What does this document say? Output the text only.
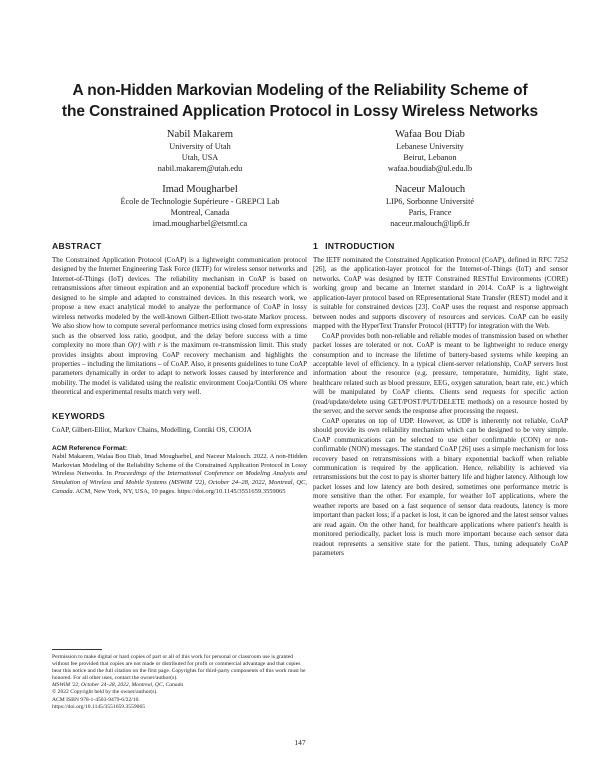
A non-Hidden Markovian Modeling of the Reliability Scheme of
the Constrained Application Protocol in Lossy Wireless Networks
Nabil Makarem
University of Utah
Utah, USA
nabil.makarem@utah.edu
Wafaa Bou Diab
Lebanese University
Beirut, Lebanon
wafaa.boudiab@ul.edu.lb
Imad Mougharbel
École de Technologie Supérieure - GREPCI Lab
Montreal, Canada
imad.mougharbel@etsmtl.ca
Naceur Malouch
LIP6, Sorbonne Université
Paris, France
naceur.malouch@lip6.fr
ABSTRACT

The Constrained Application Protocol (CoAP) is a lightweight communication protocol designed by the Internet Engineering Task Force (IETF) for wireless sensor networks and Internet-of-Things (IoT) devices. The reliability mechanism in CoAP is based on retransmissions after timeout expiration and an exponential backoff procedure which is designed to be simple and adapted to constrained devices. In this research work, we propose a new exact analytical model to analyze the performance of CoAP in lossy wireless networks modeled by the well-known Gilbert-Elliott two-state Markov process. We also show how to compute several performance metrics using closed form expressions such as the observed loss ratio, goodput, and the delay before success with a time complexity no more than O(r) with r is the maximum re-transmission limit. This study provides insights about improving CoAP recovery mechanism and highlights the properties – including the limitations – of CoAP. Also, it presents guidelines to tune CoAP parameters dynamically in order to adapt to network losses caused by interference and mobility. The model is validated using the realistic environment Cooja/Contiki OS where theoretical and experimental results match very well.

KEYWORDS

CoAP, Gilbert-Elliot, Markov Chains, Modelling, Contiki OS, COOJA

ACM Reference Format:

Nabil Makarem, Wafaa Bou Diab, Imad Mougharbel, and Naceur Malouch. 2022. A non-Hidden Markovian Modeling of the Reliability Scheme of the Constrained Application Protocol in Lossy Wireless Networks. In Proceedings of the International Conference on Modeling Analysis and Simulation of Wireless and Mobile Systems (MSWiM '22), October 24–28, 2022, Montreal, QC, Canada. ACM, New York, NY, USA, 10 pages. https://doi.org/10.1145/3551659.3559065

Permission to make digital or hard copies of part or all of this work for personal or classroom use is granted without fee provided that copies are not made or distributed for profit or commercial advantage and that copies bear this notice and the full citation on the first page. Copyrights for third-party components of this work must be honored. For all other uses, contact the owner/author(s).
MSWiM '22, October 24–28, 2022, Montreal, QC, Canada
© 2022 Copyright held by the owner/author(s).
ACM ISBN 978-1-4503-9479-6/22/10.
https://doi.org/10.1145/3551659.3559065
1 INTRODUCTION

The IETF nominated the Constrained Application Protocol (CoAP), defined in RFC 7252 [26], as the application-layer protocol for the Internet-of-Things (IoT) and sensor networks. CoAP was designed by IETF Constrained RESTful Environments (CORE) working group and became an Internet standard in 2014. CoAP is a lightweight application-layer protocol based on REpresentational State Transfer (REST) model and it is suitable for constrained devices [23]. CoAP uses the request and response approach between nodes and supports discovery of resources and services. CoAP can be easily mapped with the HyperText Transfer Protocol (HTTP) for integration with the Web.

CoAP provides both non-reliable and reliable modes of transmission based on whether packet losses are tolerated or not. CoAP is meant to be lightweight to reduce energy consumption and to increase the lifetime of battery-based systems while keeping an acceptable level of efficiency. In a typical client-server relationship, CoAP servers host information about the resource (e.g. pressure, temperature, humidity, light state, healthcare related such as blood pressure, EEG, oxygen saturation, heart rate, etc.) which will be manipulated by CoAP clients. Clients send requests for specific action (read/update/delete using GET/POST/PUT/DELETE methods) on a resource hosted by the server, and the server sends the response after processing the request.

CoAP operates on top of UDP. However, as UDP is inherently not reliable, CoAP should provide its own reliability mechanism which can be designed to be very simple. CoAP communications can be selected to use either confirmable (CON) or non-confirmable (NON) messages. The standard CoAP [26] uses a simple mechanism for loss recovery based on retransmissions with a binary exponential backoff when reliable communication is required by the application. Hence, reliability is achieved via retransmissions but the cost to pay is shorter battery life and higher latency. Although low packet losses and low latency are both desired, sometimes one performance metric is more sensitive than the other. For example, for weather IoT applications, where the weather reports are based on a fast sequence of sensor data readouts, latency is more important than packet loss; if a packet is lost, it can be ignored and the latest sensor values are read again. On the other hand, for healthcare applications where patient's health is monitored periodically, packet loss is much more important because each sensor data readout represents a sensitive state for the patient. Thus, tuning adequately CoAP parameters

147
